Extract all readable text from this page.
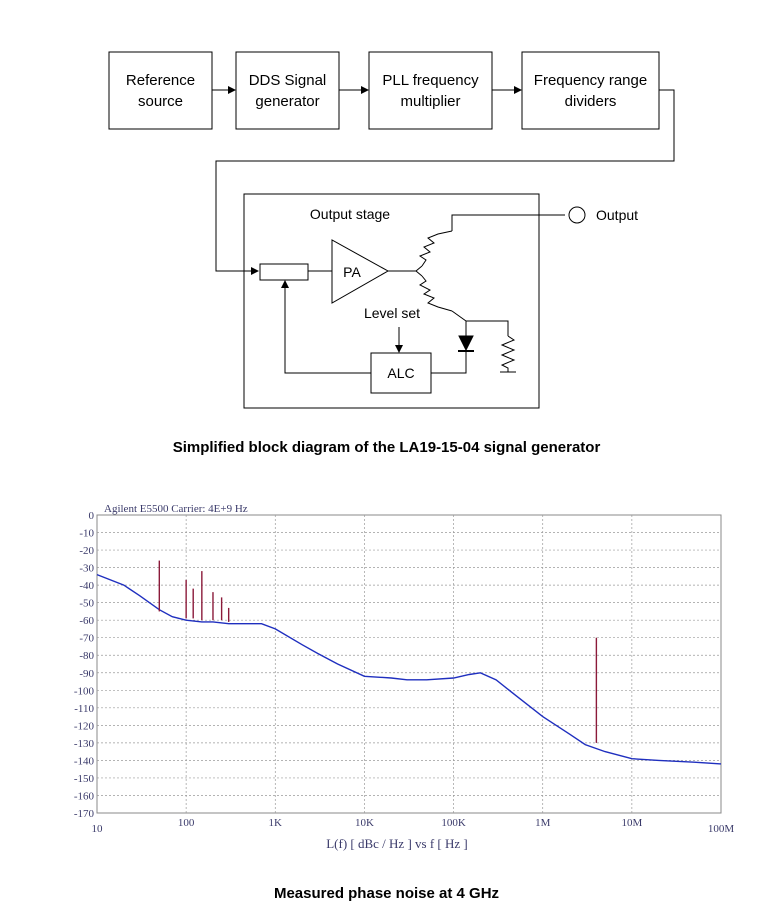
Reference
source
DDS Signal
generator
PLL frequency
multiplier
Frequency range
dividers
Output stage
PA
Output
ALC
Level set
Simplified block diagram of the LA19-15-04 signal generator
0
-10
-20
-30
-40
-50
-60
-70
-80
-90
-100
-110
-120
-130
-140
-150
-160
-170
10	100	1K	10K	100K	1M	10M	100M
Agilent E5500 Carrier: 4E+9 Hz
L(f) [ dBc / Hz ] vs f [ Hz ]
Measured phase noise at 4 GHz
